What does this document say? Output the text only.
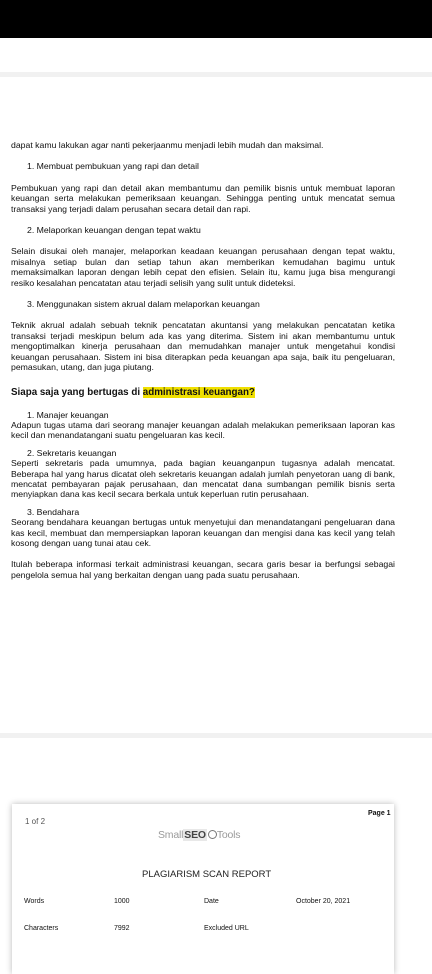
dapat kamu lakukan agar nanti pekerjaanmu menjadi lebih mudah dan maksimal.

1. Membuat pembukuan yang rapi dan detail

Pembukuan yang rapi dan detail akan membantumu dan pemilik bisnis untuk membuat laporan keuangan serta melakukan pemeriksaan keuangan. Sehingga penting untuk mencatat semua transaksi yang terjadi dalam perusahan secara detail dan rapi.

2. Melaporkan keuangan dengan tepat waktu

Selain disukai oleh manajer, melaporkan keadaan keuangan perusahaan dengan tepat waktu, misalnya setiap bulan dan setiap tahun akan memberikan kemudahan bagimu untuk memaksimalkan laporan dengan lebih cepat den efisien. Selain itu, kamu juga bisa mengurangi resiko kesalahan pencatatan atau terjadi selisih yang sulit untuk dideteksi.

3. Menggunakan sistem akrual dalam melaporkan keuangan

Teknik akrual adalah sebuah teknik pencatatan akuntansi yang melakukan pencatatan ketika transaksi terjadi meskipun belum ada kas yang diterima. Sistem ini akan membantumu untuk mengoptimalkan kinerja perusahaan dan memudahkan manajer untuk mengetahui kondisi keuangan perusahaan. Sistem ini bisa diterapkan peda keuangan apa saja, baik itu pengeluaran, pemasukan, utang, dan juga piutang.

Siapa saja yang bertugas di administrasi keuangan?

1. Manajer keuangan

Adapun tugas utama dari seorang manajer keuangan adalah melakukan pemeriksaan laporan kas kecil dan menandatangani suatu pengeluaran kas kecil.

2. Sekretaris keuangan

Seperti sekretaris pada umumnya, pada bagian keuanganpun tugasnya adalah mencatat. Beberapa hal yang harus dicatat oleh sekretaris keuangan adalah jumlah penyetoran uang di bank, mencatat pembayaran pajak perusahaan, dan mencatat dana sumbangan pemilik bisnis serta menyiapkan dana kas kecil secara berkala untuk keperluan rutin perusahaan.

3. Bendahara

Seorang bendahara keuangan bertugas untuk menyetujui dan menandatangani pengeluaran dana kas kecil, membuat dan mempersiapkan laporan keuangan dan mengisi dana kas kecil yang telah kosong dengan uang tunai atau cek.

Itulah beberapa informasi terkait administrasi keuangan, secara garis besar ia berfungsi sebagai pengelola semua hal yang berkaitan dengan uang pada suatu perusahaan.

Page 1
1 of 2
SmallSEO Tools
PLAGIARISM SCAN REPORT
Words	1000	Date	October 20, 2021
Characters	7992	Excluded URL
